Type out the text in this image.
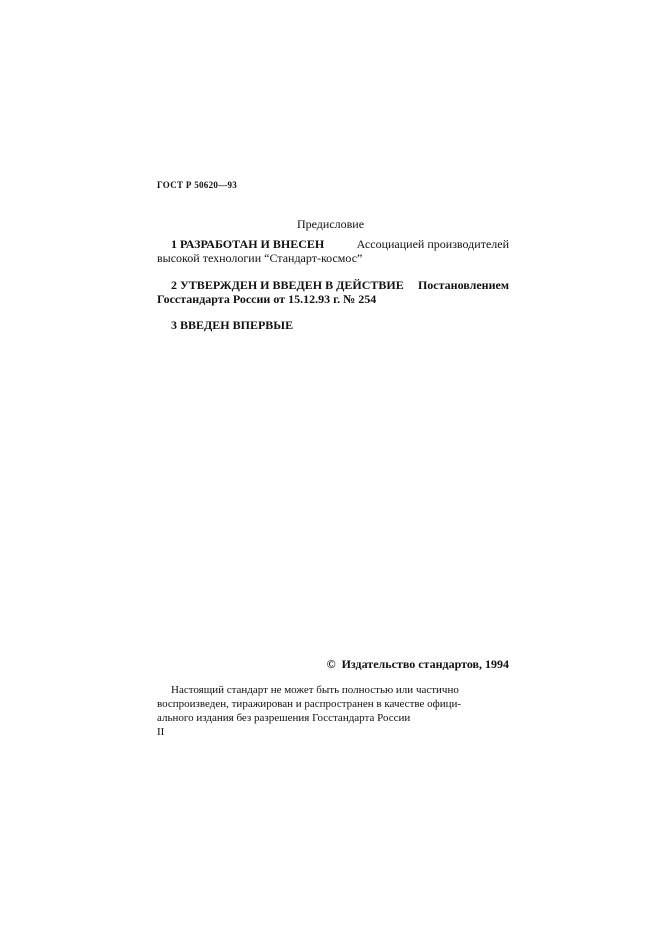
ГОСТ Р 50620—93
Предисловие
1 РАЗРАБОТАН И ВНЕСЕН	Ассоциацией производителей
высокой технологии “Стандарт-космос”
2 УТВЕРЖДЕН И ВВЕДЕН В ДЕЙСТВИЕ Постановлением
Госстандарта России от 15.12.93 г. № 254
3 ВВЕДЕН ВПЕРВЫЕ
© Издательство стандартов, 1994
Настоящий стандарт не может быть полностью или частично
воспроизведен, тиражирован и распространен в качестве офици-
ального издания без разрешения Госстандарта России
II
